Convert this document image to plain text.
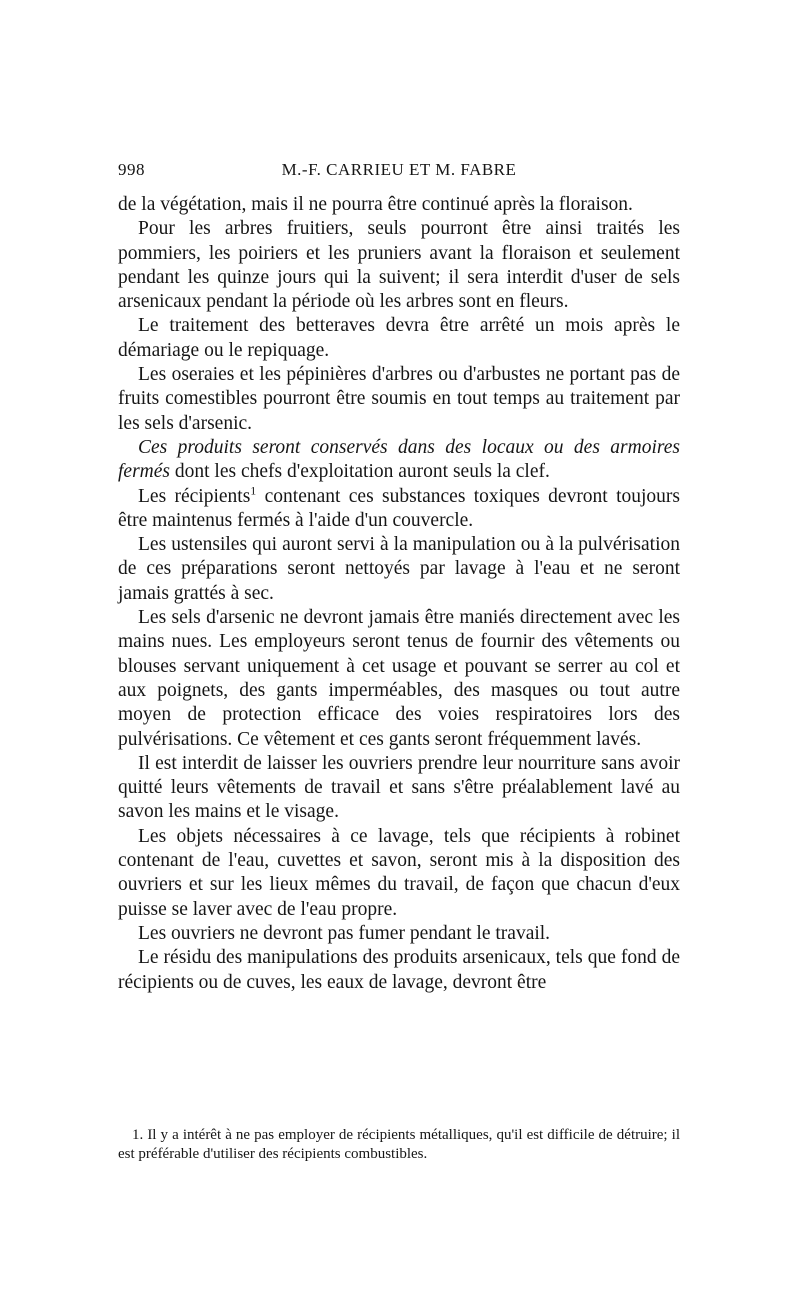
998	M.-F. CARRIEU ET M. FABRE

de la végétation, mais il ne pourra être continué après la floraison.

Pour les arbres fruitiers, seuls pourront être ainsi traités les pommiers, les poiriers et les pruniers avant la floraison et seulement pendant les quinze jours qui la suivent; il sera interdit d'user de sels arsenicaux pendant la période où les arbres sont en fleurs.

Le traitement des betteraves devra être arrêté un mois après le démariage ou le repiquage.

Les oseraies et les pépinières d'arbres ou d'arbustes ne portant pas de fruits comestibles pourront être soumis en tout temps au traitement par les sels d'arsenic.

Ces produits seront conservés dans des locaux ou des armoires fermés dont les chefs d'exploitation auront seuls la clef.

Les récipients$^1$ contenant ces substances toxiques devront toujours être maintenus fermés à l'aide d'un couvercle.

Les ustensiles qui auront servi à la manipulation ou à la pulvérisation de ces préparations seront nettoyés par lavage à l'eau et ne seront jamais grattés à sec.

Les sels d'arsenic ne devront jamais être maniés directement avec les mains nues. Les employeurs seront tenus de fournir des vêtements ou blouses servant uniquement à cet usage et pouvant se serrer au col et aux poignets, des gants imperméables, des masques ou tout autre moyen de protection efficace des voies respiratoires lors des pulvérisations. Ce vêtement et ces gants seront fréquemment lavés.

Il est interdit de laisser les ouvriers prendre leur nourriture sans avoir quitté leurs vêtements de travail et sans s'être préalablement lavé au savon les mains et le visage.

Les objets nécessaires à ce lavage, tels que récipients à robinet contenant de l'eau, cuvettes et savon, seront mis à la disposition des ouvriers et sur les lieux mêmes du travail, de façon que chacun d'eux puisse se laver avec de l'eau propre.

Les ouvriers ne devront pas fumer pendant le travail.

Le résidu des manipulations des produits arsenicaux, tels que fond de récipients ou de cuves, les eaux de lavage, devront être

1. Il y a intérêt à ne pas employer de récipients métalliques, qu'il est difficile de détruire; il est préférable d'utiliser des récipients combustibles.
